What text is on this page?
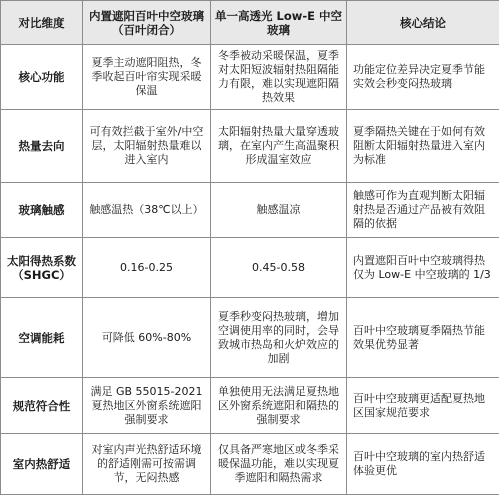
对比维度	内置遮阳百叶中空玻璃（百叶闭合）	单一高透光 Low-E 中空玻璃	核心结论
核心功能	夏季主动遮阳阻热，冬季收起百叶帘实现采暖保温	冬季被动采暖保温，夏季对太阳短波辐射热阻隔能力有限，难以实现遮阳隔热效果	功能定位差异决定夏季节能实效会秒变闷热玻璃
热量去向	可有效拦截于室外/中空层，太阳辐射热量难以进入室内	太阳辐射热量大量穿透玻璃，在室内产生高温聚积形成温室效应	夏季隔热关键在于如何有效阻断太阳辐射热量进入室内为标准
玻璃触感	触感温热（38℃以上）	触感温凉	触感可作为直观判断太阳辐射热是否通过产品被有效阻隔的依据
太阳得热系数（SHGC）	0.16-0.25	0.45-0.58	内置遮阳百叶中空玻璃得热仅为 Low-E 中空玻璃的 1/3
空调能耗	可降低 60%-80%	夏季秒变闷热玻璃，增加空调使用率的同时，会导致城市热岛和火炉效应的加剧	百叶中空玻璃夏季隔热节能效果优势显著
规范符合性	满足 GB 55015-2021 夏热地区外窗系统遮阳强制要求	单独使用无法满足夏热地区外窗系统遮阳和隔热的强制要求	百叶中空玻璃更适配夏热地区国家规范要求
室内热舒适	对室内声光热舒适环境的舒适刚需可按需调节，无闷热感	仅具备严寒地区或冬季采暖保温功能，难以实现夏季遮阳和隔热需求	百叶中空玻璃的室内热舒适体验更优
